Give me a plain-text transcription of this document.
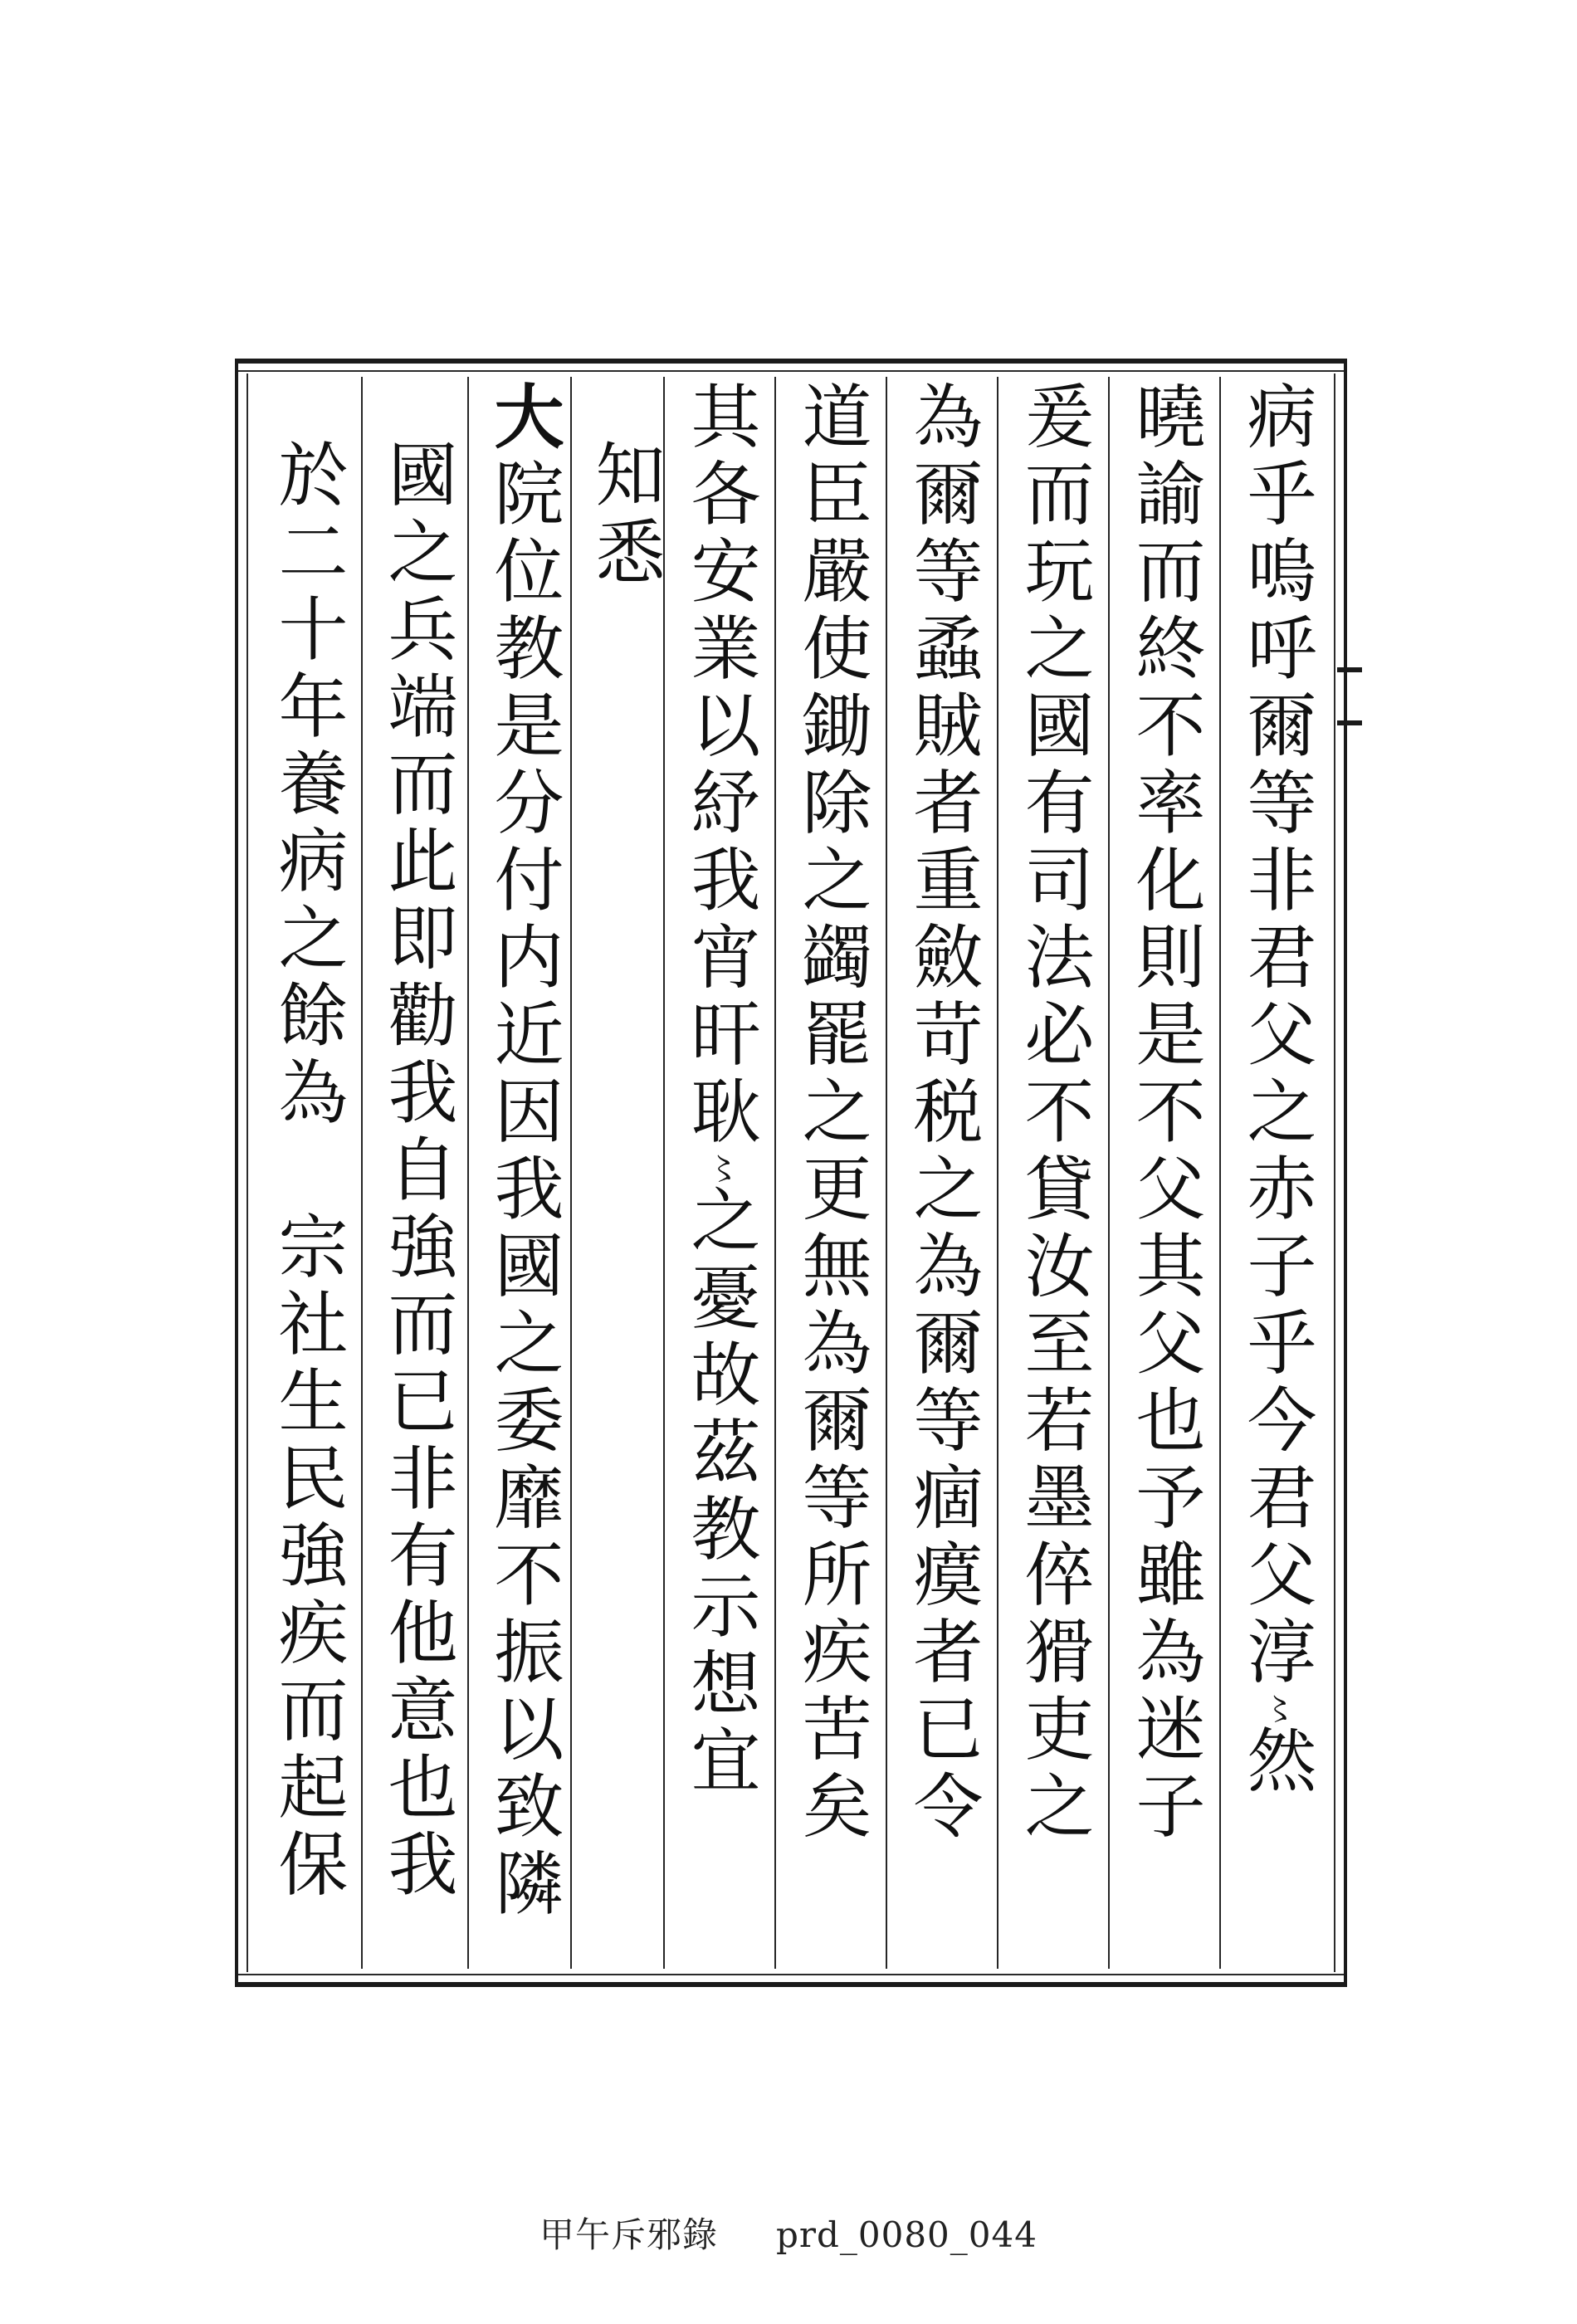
病乎嗚呼爾等非君父之赤子乎今君父淳〻然
曉諭而終不率化則是不父其父也予雖為迷子
爰而玩之國有司法必不貸汝至若墨倅猾吏之
為爾等蟊賊者重斂苛税之為爾等痼瘼者已令
道臣嚴使鋤除之蠲罷之更無為爾等所疾苦矣
其各安業以紓我宵旰耿〻之憂故茲教示想宜
知悉
大院位教是分付内近因我國之委靡不振以致隣
國之兵端而此即勸我自強而已非有他意也我
於二十年養病之餘為　宗社生民強疾而起保
甲午斥邪錄 prd_0080_044
